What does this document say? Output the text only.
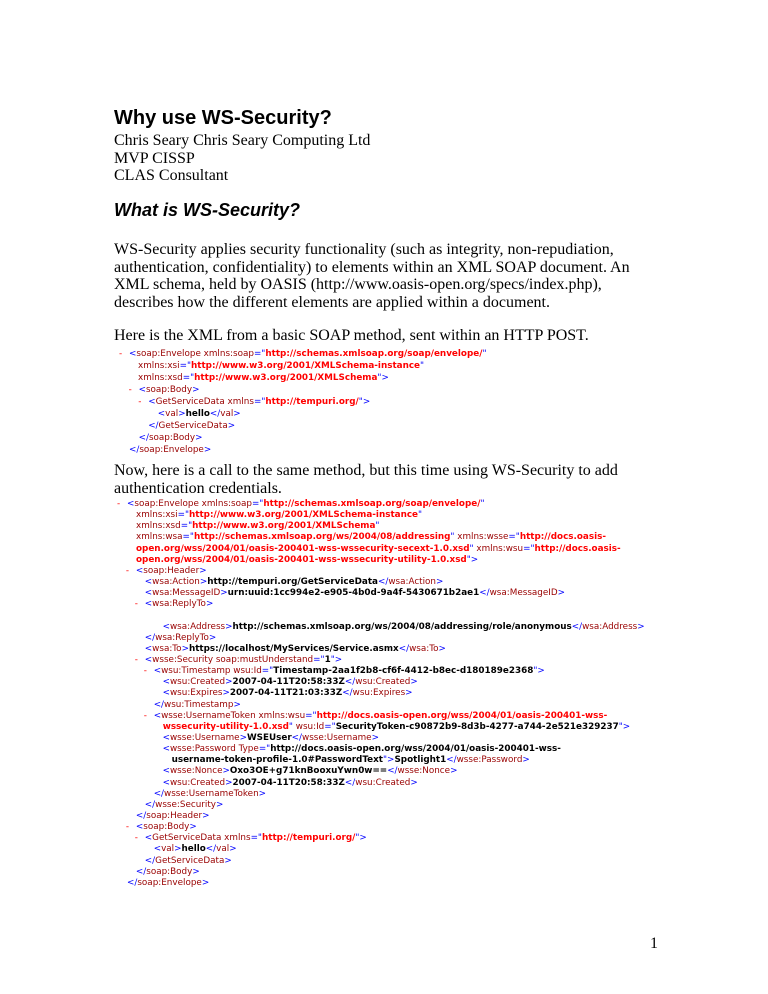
Why use WS-Security?
Chris Seary Chris Seary Computing Ltd
MVP CISSP
CLAS Consultant
What is WS-Security?
WS-Security applies security functionality (such as integrity, non-repudiation, authentication, confidentiality) to elements within an XML SOAP document. An XML schema, held by OASIS (http://www.oasis-open.org/specs/index.php), describes how the different elements are applied within a document.
Here is the XML from a basic SOAP method, sent within an HTTP POST.
- <soap:Envelope xmlns:soap="http://schemas.xmlsoap.org/soap/envelope/"
xmlns:xsi="http://www.w3.org/2001/XMLSchema-instance"
xmlns:xsd="http://www.w3.org/2001/XMLSchema">
- <soap:Body>
- <GetServiceData xmlns="http://tempuri.org/">
<val>hello</val>
</GetServiceData>
</soap:Body>
</soap:Envelope>
Now, here is a call to the same method, but this time using WS-Security to add authentication credentials.
- <soap:Envelope xmlns:soap="http://schemas.xmlsoap.org/soap/envelope/"
xmlns:xsi="http://www.w3.org/2001/XMLSchema-instance"
xmlns:xsd="http://www.w3.org/2001/XMLSchema"
xmlns:wsa="http://schemas.xmlsoap.org/ws/2004/08/addressing" xmlns:wsse="http://docs.oasis-
open.org/wss/2004/01/oasis-200401-wss-wssecurity-secext-1.0.xsd" xmlns:wsu="http://docs.oasis-
open.org/wss/2004/01/oasis-200401-wss-wssecurity-utility-1.0.xsd">
- <soap:Header>
<wsa:Action>http://tempuri.org/GetServiceData</wsa:Action>
<wsa:MessageID>urn:uuid:1cc994e2-e905-4b0d-9a4f-5430671b2ae1</wsa:MessageID>
- <wsa:ReplyTo>
<wsa:Address>http://schemas.xmlsoap.org/ws/2004/08/addressing/role/anonymous</wsa:Address>
</wsa:ReplyTo>
<wsa:To>https://localhost/MyServices/Service.asmx</wsa:To>
- <wsse:Security soap:mustUnderstand="1">
- <wsu:Timestamp wsu:Id="Timestamp-2aa1f2b8-cf6f-4412-b8ec-d180189e2368">
<wsu:Created>2007-04-11T20:58:33Z</wsu:Created>
<wsu:Expires>2007-04-11T21:03:33Z</wsu:Expires>
</wsu:Timestamp>
- <wsse:UsernameToken xmlns:wsu="http://docs.oasis-open.org/wss/2004/01/oasis-200401-wss-
wssecurity-utility-1.0.xsd" wsu:Id="SecurityToken-c90872b9-8d3b-4277-a744-2e521e329237">
<wsse:Username>WSEUser</wsse:Username>
<wsse:Password Type="http://docs.oasis-open.org/wss/2004/01/oasis-200401-wss-
username-token-profile-1.0#PasswordText">Spotlight1</wsse:Password>
<wsse:Nonce>Oxo3OE+g71knBooxuYwn0w==</wsse:Nonce>
<wsu:Created>2007-04-11T20:58:33Z</wsu:Created>
</wsse:UsernameToken>
</wsse:Security>
</soap:Header>
- <soap:Body>
- <GetServiceData xmlns="http://tempuri.org/">
<val>hello</val>
</GetServiceData>
</soap:Body>
</soap:Envelope>
1
